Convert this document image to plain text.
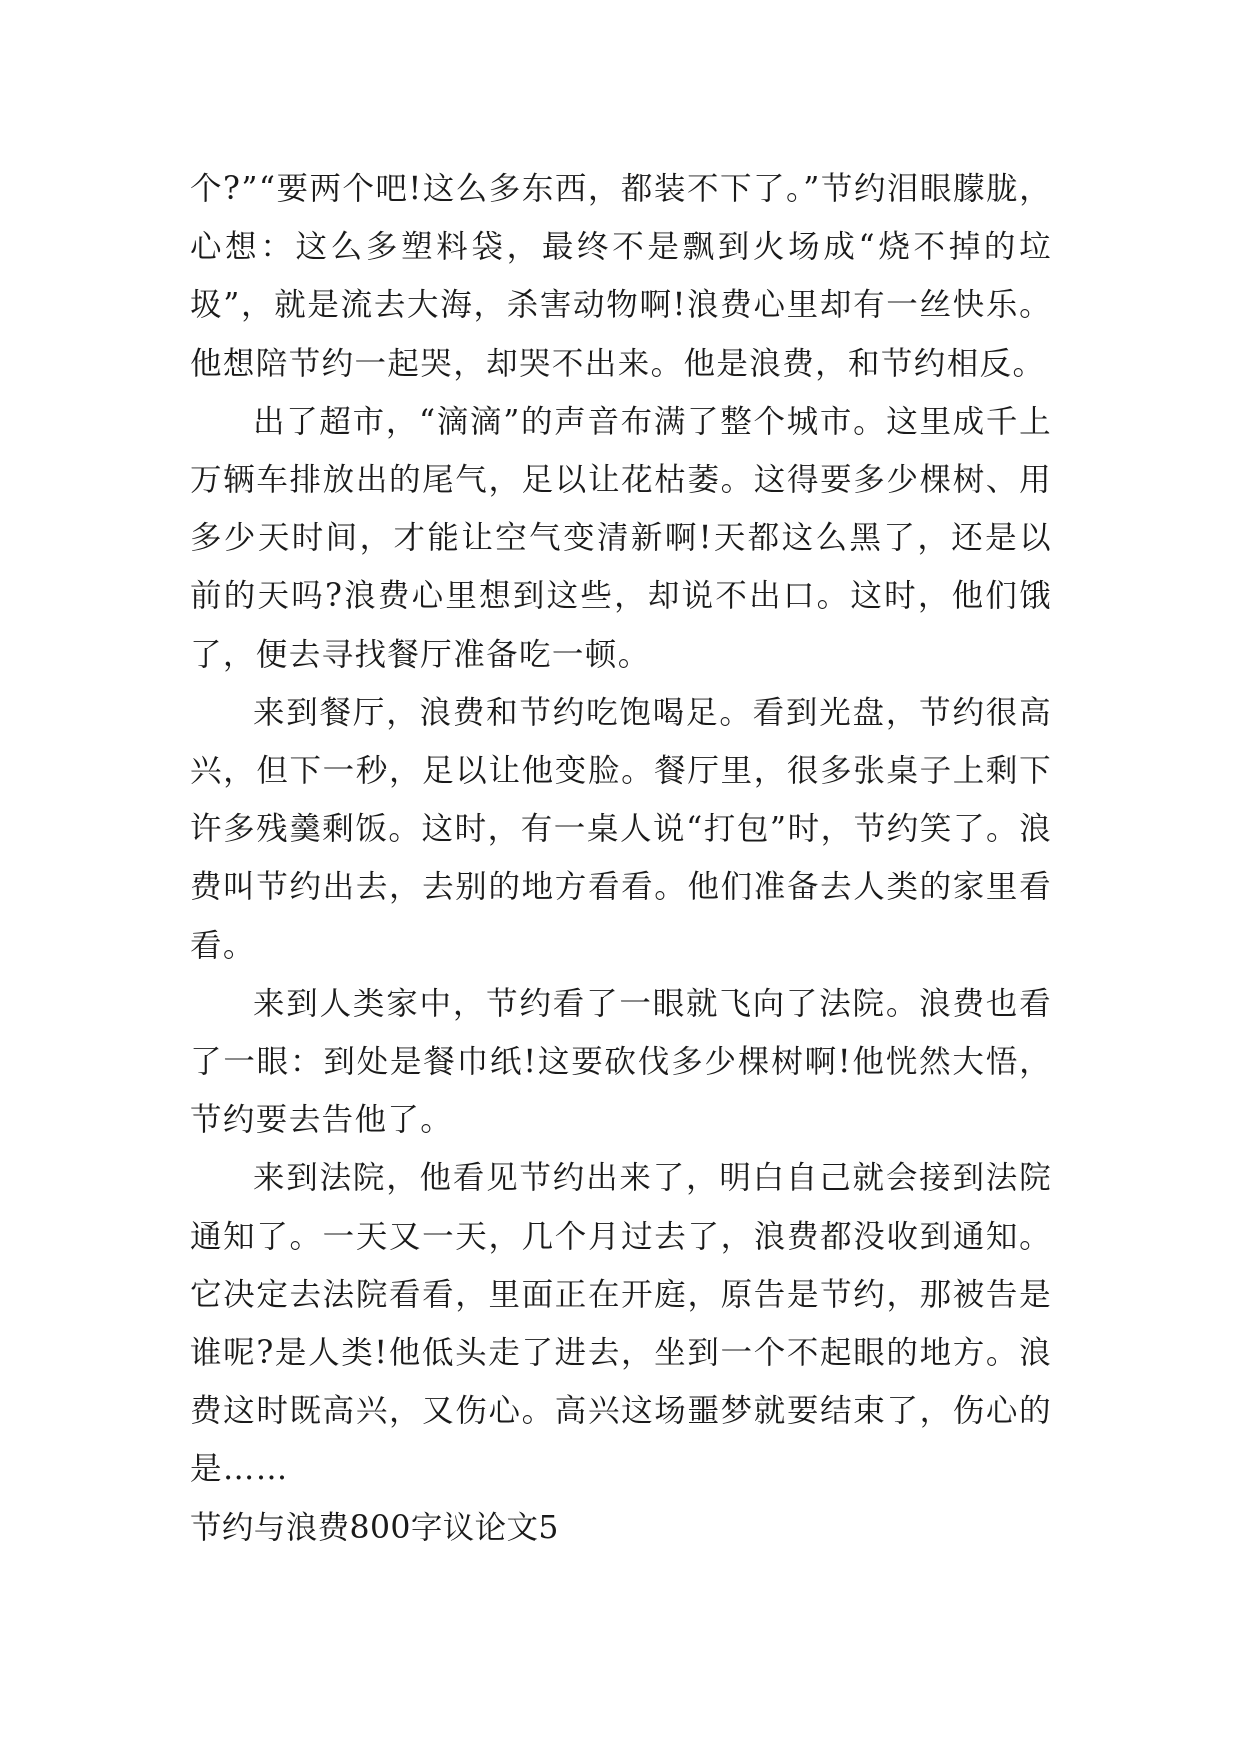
个?”“要两个吧!这么多东西，都装不下了。”节约泪眼朦胧，心想：这么多塑料袋，最终不是飘到火场成“烧不掉的垃圾”，就是流去大海，杀害动物啊!浪费心里却有一丝快乐。他想陪节约一起哭，却哭不出来。他是浪费，和节约相反。

出了超市，“滴滴”的声音布满了整个城市。这里成千上万辆车排放出的尾气，足以让花枯萎。这得要多少棵树、用多少天时间，才能让空气变清新啊!天都这么黑了，还是以前的天吗?浪费心里想到这些，却说不出口。这时，他们饿了，便去寻找餐厅准备吃一顿。

来到餐厅，浪费和节约吃饱喝足。看到光盘，节约很高兴，但下一秒，足以让他变脸。餐厅里，很多张桌子上剩下许多残羹剩饭。这时，有一桌人说“打包”时，节约笑了。浪费叫节约出去，去别的地方看看。他们准备去人类的家里看看。

来到人类家中，节约看了一眼就飞向了法院。浪费也看了一眼：到处是餐巾纸!这要砍伐多少棵树啊!他恍然大悟，节约要去告他了。

来到法院，他看见节约出来了，明白自己就会接到法院通知了。一天又一天，几个月过去了，浪费都没收到通知。它决定去法院看看，里面正在开庭，原告是节约，那被告是谁呢?是人类!他低头走了进去，坐到一个不起眼的地方。浪费这时既高兴，又伤心。高兴这场噩梦就要结束了，伤心的是……

节约与浪费800字议论文5
